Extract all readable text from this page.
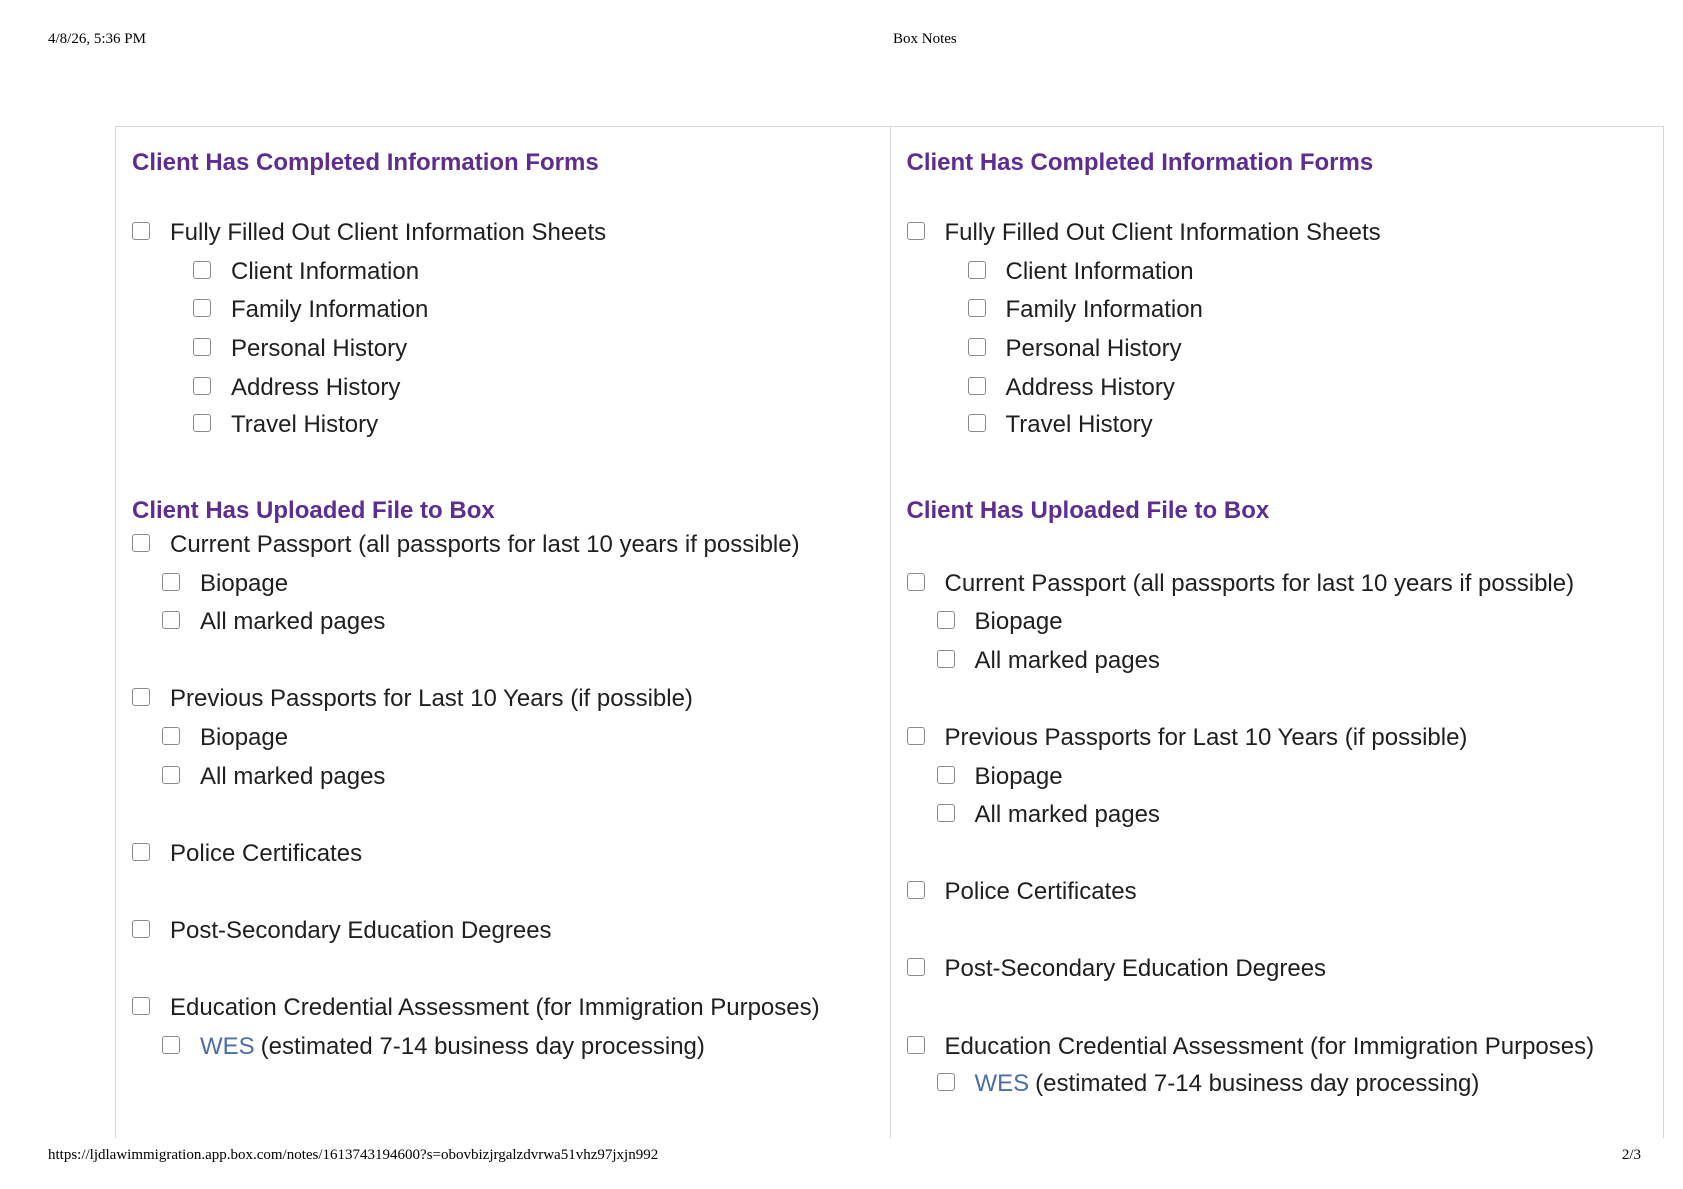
4/8/26, 5:36 PM	Box Notes
Client Has Completed Information Forms
Fully Filled Out Client Information Sheets
Client Information
Family Information
Personal History
Address History
Travel History
Client Has Uploaded File to Box
Current Passport (all passports for last 10 years if possible)
Biopage
All marked pages
Previous Passports for Last 10 Years (if possible)
Biopage
All marked pages
Police Certificates
Post-Secondary Education Degrees
Education Credential Assessment (for Immigration Purposes)
WES (estimated 7-14 business day processing)
Client Has Completed Information Forms
Fully Filled Out Client Information Sheets
Client Information
Family Information
Personal History
Address History
Travel History
Client Has Uploaded File to Box
Current Passport (all passports for last 10 years if possible)
Biopage
All marked pages
Previous Passports for Last 10 Years (if possible)
Biopage
All marked pages
Police Certificates
Post-Secondary Education Degrees
Education Credential Assessment (for Immigration Purposes)
WES (estimated 7-14 business day processing)
https://ljdlawimmigration.app.box.com/notes/1613743194600?s=obovbizjrgalzdvrwa51vhz97jxjn992	2/3
